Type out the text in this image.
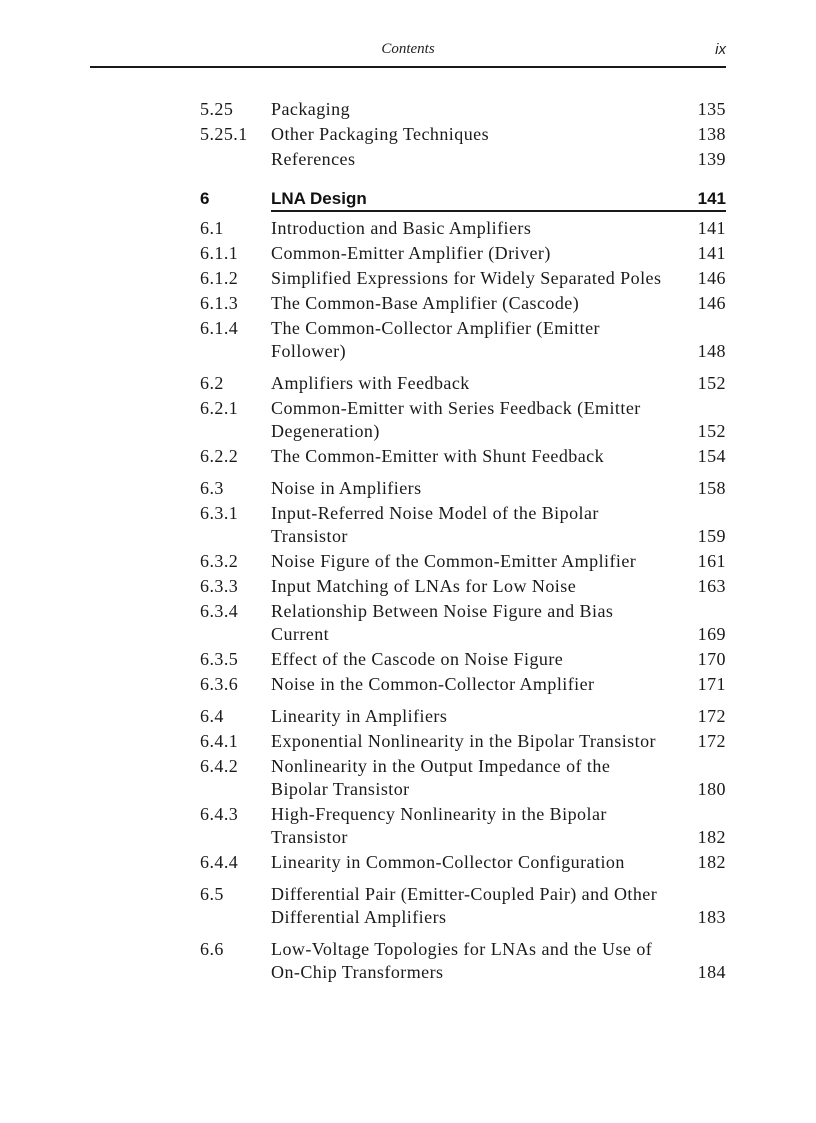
Contents	ix
5.25 Packaging	135
5.25.1 Other Packaging Techniques	138
References	139
6	LNA Design	141
6.1	Introduction and Basic Amplifiers	141
6.1.1 Common-Emitter Amplifier (Driver)	141
6.1.2 Simplified Expressions for Widely Separated Poles	146
6.1.3 The Common-Base Amplifier (Cascode)	146
6.1.4 The Common-Collector Amplifier (Emitter Follower)	148
6.2	Amplifiers with Feedback	152
6.2.1 Common-Emitter with Series Feedback (Emitter Degeneration)	152
6.2.2 The Common-Emitter with Shunt Feedback	154
6.3	Noise in Amplifiers	158
6.3.1 Input-Referred Noise Model of the Bipolar Transistor	159
6.3.2 Noise Figure of the Common-Emitter Amplifier	161
6.3.3 Input Matching of LNAs for Low Noise	163
6.3.4 Relationship Between Noise Figure and Bias Current	169
6.3.5 Effect of the Cascode on Noise Figure	170
6.3.6 Noise in the Common-Collector Amplifier	171
6.4	Linearity in Amplifiers	172
6.4.1 Exponential Nonlinearity in the Bipolar Transistor	172
6.4.2 Nonlinearity in the Output Impedance of the Bipolar Transistor	180
6.4.3 High-Frequency Nonlinearity in the Bipolar Transistor	182
6.4.4 Linearity in Common-Collector Configuration	182
6.5	Differential Pair (Emitter-Coupled Pair) and Other Differential Amplifiers	183
6.6	Low-Voltage Topologies for LNAs and the Use of On-Chip Transformers	184
